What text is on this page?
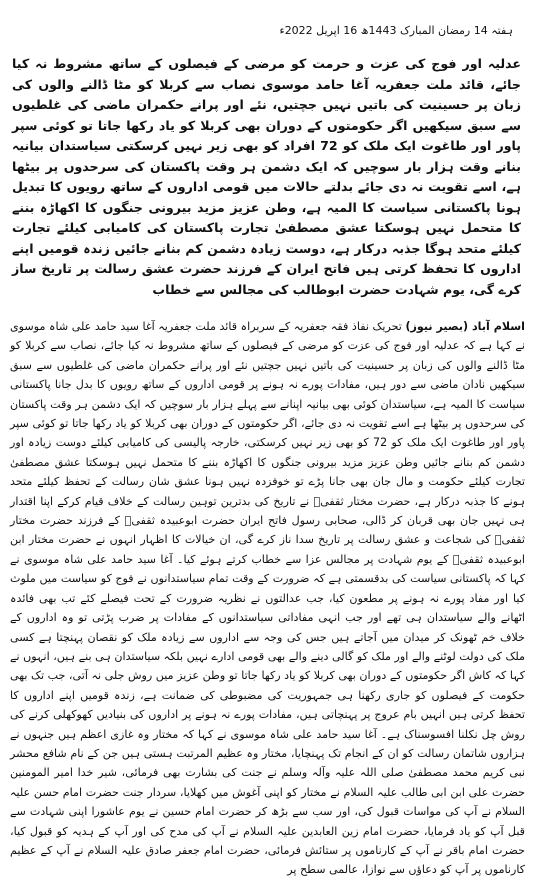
ہفتہ 14 رمضان المبارک 1443ھ 16 اپریل 2022ء

عدلیہ اور فوج کی عزت و حرمت کو مرضی کے فیصلوں کے ساتھ مشروط نہ کیا جائے، قائد ملت جعفریہ آغا حامد موسوی نصاب سے کربلا کو مٹا ڈالنے والوں کی زبان پر حسینیت کی باتیں نہیں جچتیں، نئے اور پرانے حکمران ماضی کی غلطیوں سے سبق سیکھیں اگر حکومتوں کے دوران بھی کربلا کو یاد رکھا جاتا تو کوئی سپر پاور اور طاغوت ایک ملک کو 72 افراد کو بھی زیر نہیں کرسکتی سیاستدان بیانیہ بنانے وقت ہزار بار سوچیں کہ ایک دشمن ہر وقت پاکستان کی سرحدوں پر بیٹھا ہے، اسے تقویت نہ دی جائے بدلتے حالات میں قومی اداروں کے ساتھ رویوں کا تبدیل ہونا پاکستانی سیاست کا المیہ ہے، وطن عزیز مزید بیرونی جنگوں کا اکھاڑہ بننے کا متحمل نہیں ہوسکتا عشق مصطفیٰ تجارت پاکستان کی کامیابی کیلئے تجارت کیلئے متحد ہوگا جذبہ درکار ہے، دوست زیادہ دشمن کم بنانے جائیں زندہ قومیں اپنے اداروں کا تحفظ کرتی ہیں فاتح ایران کے فرزند حضرت عشق رسالت پر تاریخ ساز کرے گی، یوم شہادت حضرت ابوطالب کی مجالس سے خطاب

اسلام آباد (بصیر نیوز) تحریک نفاذ فقہ جعفریہ کے سربراہ قائد ملت جعفریہ آغا سید حامد علی شاہ موسوی نے کہا ہے کہ عدلیہ اور فوج کی عزت کو مرضی کے فیصلوں کے ساتھ مشروط نہ کیا جائے، نصاب سے کربلا کو مٹا ڈالنے والوں کی زبان پر حسینیت کی باتیں نہیں جچتیں نئے اور پرانے حکمران ماضی کی غلطیوں سے سبق سیکھیں نادان ماضی سے دور ہیں، مفادات پورے نہ ہونے پر قومی اداروں کے ساتھ رویوں کا بدل جانا پاکستانی سیاست کا المیہ ہے، سیاستدان کوئی بھی بیانیہ اپنانے سے پہلے ہزار بار سوچیں کہ ایک دشمن ہر وقت پاکستان کی سرحدوں پر بیٹھا ہے اسے تقویت نہ دی جائے، اگر حکومتوں کے دوران بھی کربلا کو یاد رکھا جاتا تو کوئی سپر پاور اور طاغوت ایک ملک کو 72 کو بھی زیر نہیں کرسکتی، خارجہ پالیسی کی کامیابی کیلئے دوست زیادہ اور دشمن کم بنانے جائیں وطن عزیز مزید بیرونی جنگوں کا اکھاڑہ بننے کا متحمل نہیں ہوسکتا عشق مصطفیٰ تجارت کیلئے حکومت و مال جان بھی جانا پڑے تو خوفزدہ نہیں ہونا عشق شان رسالت کے تحفظ کیلئے متحد ہونے کا جذبہ درکار ہے، حضرت مختار ثقفیؓ نے تاریخ کی بدترین توہین رسالت کے خلاف قیام کرکے اپنا اقتدار ہی نہیں جان بھی قربان کر ڈالی، صحابی رسول فاتح ایران حضرت ابوعبیدہ ثقفیؓ کے فرزند حضرت مختار ثقفیؓ کی شجاعت و عشق رسالت پر تاریخ سدا ناز کرے گی، ان خیالات کا اظہار انہوں نے حضرت مختار ابن ابوعبیدہ ثقفیؓ کے یوم شہادت پر مجالس عزا سے خطاب کرتے ہوئے کیا۔ آغا سید حامد علی شاہ موسوی نے کہا کہ پاکستانی سیاست کی بدقسمتی ہے کہ ضرورت کے وقت تمام سیاستدانوں نے فوج کو سیاست میں ملوث کیا اور مفاد پورے نہ ہونے پر مطعون کیا، جب عدالتوں نے نظریہ ضرورت کے تحت فیصلے کئے تب بھی فائدہ اٹھانے والے سیاستدان ہی تھے اور جب انہی مفاداتی سیاستدانوں کے مفادات پر ضرب پڑتی تو وہ اداروں کے خلاف خم ٹھونک کر میدان میں آجاتے ہیں جس کی وجہ سے اداروں سے زیادہ ملک کو نقصان پہنچتا ہے کسی ملک کی دولت لوٹنے والے اور ملک کو گالی دینے والے بھی قومی ادارے نہیں بلکہ سیاستدان ہی بنے ہیں، انہوں نے کہا کہ کاش اگر حکومتوں کے دوران بھی کربلا کو یاد رکھا جاتا تو وطن عزیز میں روش جلی نہ آتی، جب تک بھی حکومت کے فیصلوں کو جاری رکھنا ہی جمہوریت کی مضبوطی کی ضمانت ہے، زندہ قومیں اپنے اداروں کا تحفظ کرتی ہیں انہیں بام عروج پر پہنچاتی ہیں، مفادات پورے نہ ہونے پر اداروں کی بنیادیں کھوکھلی کرنے کی روش چل نکلنا افسوسناک ہے۔ آغا سید حامد علی شاہ موسوی نے کہا کہ مختار وہ غازی اعظم ہیں جنہوں نے ہزاروں شاتمان رسالت کو ان کے انجام تک پہنچایا، مختار وہ عظیم المرتبت ہستی ہیں جن کے نام شافع محشر نبی کریم محمد مصطفیٰ صلی اللہ علیہ وآلہ وسلم نے جنت کی بشارت بھی فرمائی، شیر خدا امیر المومنین حضرت علی ابن ابی طالب علیہ السلام نے مختار کو اپنی آغوش میں کھلایا، سردار جنت حضرت امام حسن علیہ السلام نے آپ کی مواسات قبول کی، اور سب سے بڑھ کر حضرت امام حسین نے یوم عاشورا اپنی شہادت سے قبل آپ کو یاد فرمایا، حضرت امام زین العابدین علیہ السلام نے آپ کی مدح کی اور آپ کے ہدیہ کو قبول کیا، حضرت امام باقر نے آپ کے کارناموں پر ستائش فرمائی، حضرت امام جعفر صادق علیہ السلام نے آپ کے عظیم کارناموں پر آپ کو دعاؤں سے نوازا، عالمی سطح پر
